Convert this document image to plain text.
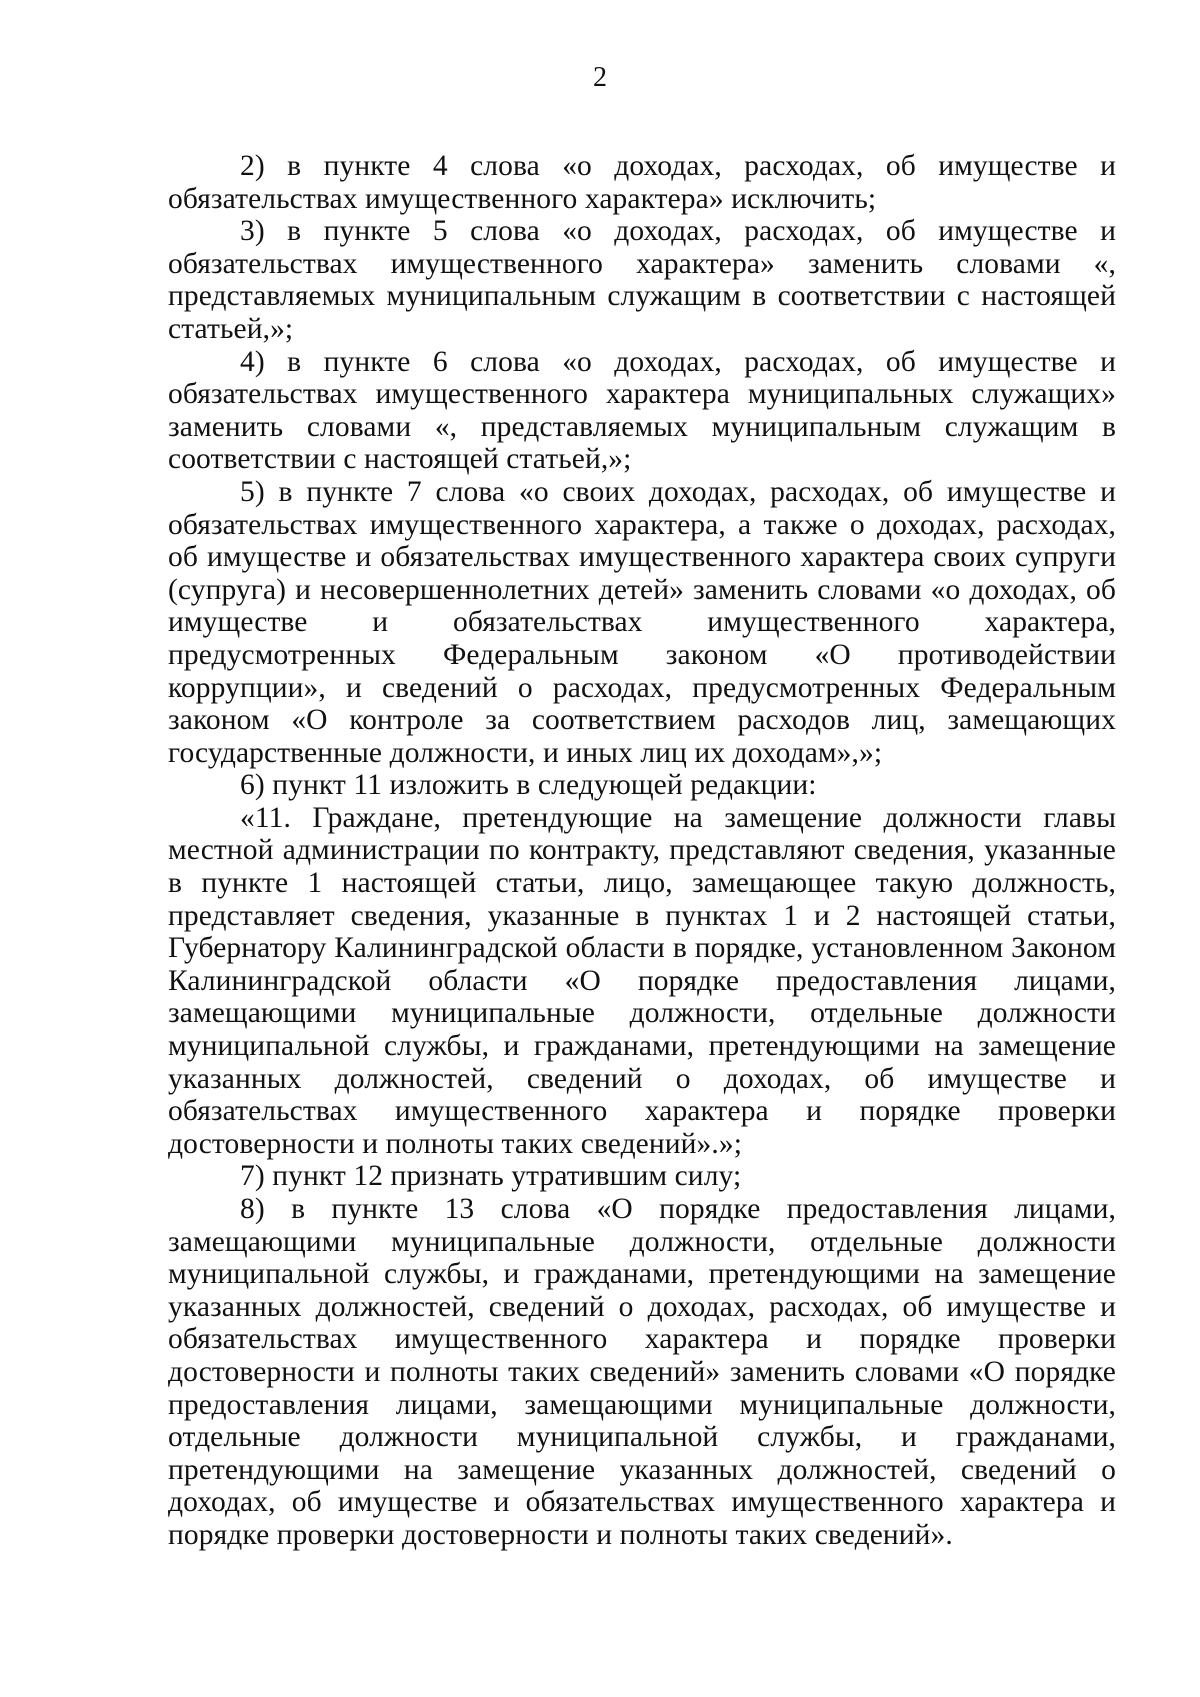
2

2) в пункте 4 слова «о доходах, расходах, об имуществе и обязательствах имущественного характера» исключить;

3) в пункте 5 слова «о доходах, расходах, об имуществе и обязательствах имущественного характера» заменить словами «, представляемых муниципальным служащим в соответствии с настоящей статьей,»;

4) в пункте 6 слова «о доходах, расходах, об имуществе и обязательствах имущественного характера муниципальных служащих» заменить словами «, представляемых муниципальным служащим в соответствии с настоящей статьей,»;

5) в пункте 7 слова «о своих доходах, расходах, об имуществе и обязательствах имущественного характера, а также о доходах, расходах, об имуществе и обязательствах имущественного характера своих супруги (супруга) и несовершеннолетних детей» заменить словами «о доходах, об имуществе и обязательствах имущественного характера, предусмотренных Федеральным законом «О противодействии коррупции», и сведений о расходах, предусмотренных Федеральным законом «О контроле за соответствием расходов лиц, замещающих государственные должности, и иных лиц их доходам»,»;

6) пункт 11 изложить в следующей редакции:

«11. Граждане, претендующие на замещение должности главы местной администрации по контракту, представляют сведения, указанные в пункте 1 настоящей статьи, лицо, замещающее такую должность, представляет сведения, указанные в пунктах 1 и 2 настоящей статьи, Губернатору Калининградской области в порядке, установленном Законом Калининградской области «О порядке предоставления лицами, замещающими муниципальные должности, отдельные должности муниципальной службы, и гражданами, претендующими на замещение указанных должностей, сведений о доходах, об имуществе и обязательствах имущественного характера и порядке проверки достоверности и полноты таких сведений».»;

7) пункт 12 признать утратившим силу;

8) в пункте 13 слова «О порядке предоставления лицами, замещающими муниципальные должности, отдельные должности муниципальной службы, и гражданами, претендующими на замещение указанных должностей, сведений о доходах, расходах, об имуществе и обязательствах имущественного характера и порядке проверки достоверности и полноты таких сведений» заменить словами «О порядке предоставления лицами, замещающими муниципальные должности, отдельные должности муниципальной службы, и гражданами, претендующими на замещение указанных должностей, сведений о доходах, об имуществе и обязательствах имущественного характера и порядке проверки достоверности и полноты таких сведений».
